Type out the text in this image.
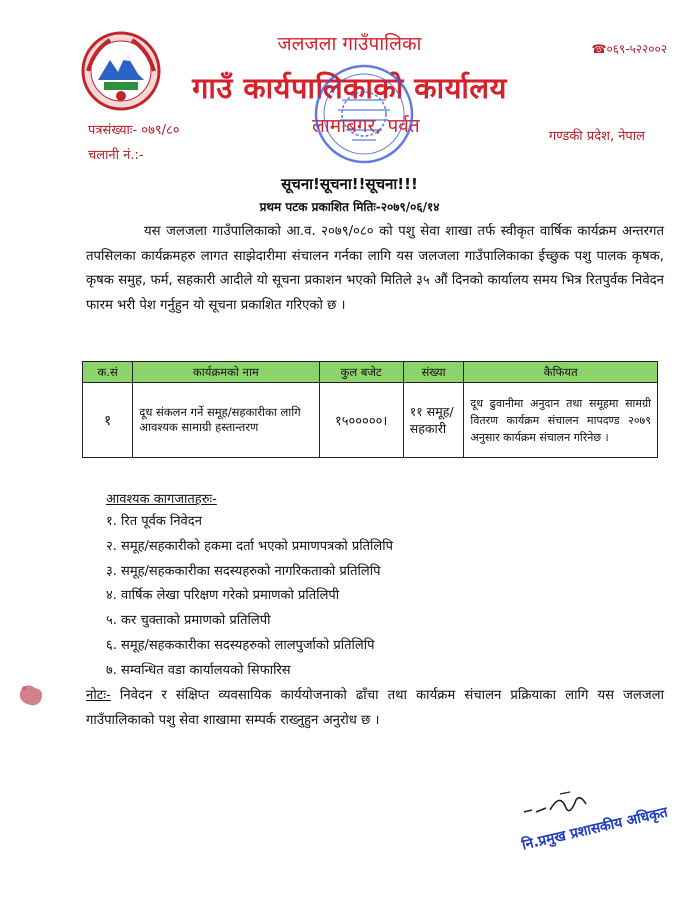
जलजला गाउँपालिका	☎०६९-५२२००२
गाउँ कार्यपालिकाको कार्यालय
लामाबगर, पर्वत	गण्डकी प्रदेश, नेपाल
पत्रसंख्याः- ०७९/८०
चलानी नं.:-
सूचना!सूचना!!सूचना!!!
प्रथम पटक प्रकाशित मितिः-२०७९/०६/१४

यस जलजला गाउँपालिकाको आ.व. २०७९/०८० को पशु सेवा शाखा तर्फ स्वीकृत वार्षिक कार्यक्रम अन्तरगत तपसिलका कार्यक्रमहरु लागत साझेदारीमा संचालन गर्नका लागि यस जलजला गाउँपालिकाका ईच्छुक पशु पालक कृषक, कृषक समुह, फर्म, सहकारी आदीले यो सूचना प्रकाशन भएको मितिले ३५ औं दिनको कार्यालय समय भित्र रितपुर्वक निवेदन फारम भरी पेश गर्नुहुन यो सूचना प्रकाशित गरिएको छ ।

क.सं	कार्यक्रमको नाम	कुल बजेट	संख्या	कैफियत
१	दूध संकलन गर्ने समूह/सहकारीका लागि आवश्यक सामाग्री हस्तान्तरण	१५०००००।	११ समूह/ सहकारी	दूध ढुवानीमा अनुदान तथा समूहमा सामग्री वितरण कार्यक्रम संचालन मापदण्ड २०७९ अनुसार कार्यक्रम संचालन गरिनेछ ।
आवश्यक कागजातहरुः-
१. रित पूर्वक निवेदन
२. समूह/सहकारीको हकमा दर्ता भएको प्रमाणपत्रको प्रतिलिपि
३. समूह/सहककारीका सदस्यहरुको नागरिकताको प्रतिलिपि
४. वार्षिक लेखा परिक्षण गरेको प्रमाणको प्रतिलिपी
५. कर चुक्ताको प्रमाणको प्रतिलिपी
६. समूह/सहककारीका सदस्यहरुको लालपुर्जाको प्रतिलिपि
७. सम्वन्धित वडा कार्यालयको सिफारिस

नोटः- निवेदन र संक्षिप्त व्यवसायिक कार्ययोजनाको ढाँचा तथा कार्यक्रम संचालन प्रक्रियाका लागि यस जलजला गाउँपालिकाको पशु सेवा शाखामा सम्पर्क राख्नुहुन अनुरोध छ ।

नि.प्रमुख प्रशासकीय अधिकृत
